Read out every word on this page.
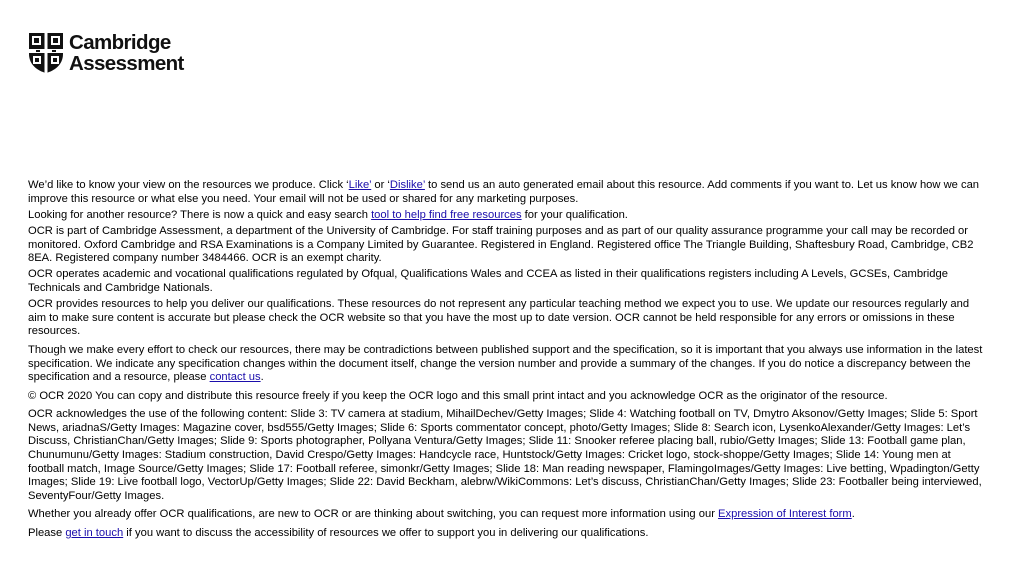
Cambridge
Assessment

We’d like to know your view on the resources we produce. Click ‘Like’ or ‘Dislike’ to send us an auto generated email about this resource. Add comments if you want to. Let us know how we can improve this resource or what else you need. Your email will not be used or shared for any marketing purposes.

Looking for another resource? There is now a quick and easy search tool to help find free resources for your qualification.

OCR is part of Cambridge Assessment, a department of the University of Cambridge. For staff training purposes and as part of our quality assurance programme your call may be recorded or monitored. Oxford Cambridge and RSA Examinations is a Company Limited by Guarantee. Registered in England. Registered office The Triangle Building, Shaftesbury Road, Cambridge, CB2 8EA. Registered company number 3484466. OCR is an exempt charity.

OCR operates academic and vocational qualifications regulated by Ofqual, Qualifications Wales and CCEA as listed in their qualifications registers including A Levels, GCSEs, Cambridge Technicals and Cambridge Nationals.

OCR provides resources to help you deliver our qualifications. These resources do not represent any particular teaching method we expect you to use. We update our resources regularly and aim to make sure content is accurate but please check the OCR website so that you have the most up to date version. OCR cannot be held responsible for any errors or omissions in these resources.

Though we make every effort to check our resources, there may be contradictions between published support and the specification, so it is important that you always use information in the latest specification. We indicate any specification changes within the document itself, change the version number and provide a summary of the changes. If you do notice a discrepancy between the specification and a resource, please contact us.

© OCR 2020 You can copy and distribute this resource freely if you keep the OCR logo and this small print intact and you acknowledge OCR as the originator of the resource.

OCR acknowledges the use of the following content: Slide 3: TV camera at stadium, MihailDechev/Getty Images; Slide 4: Watching football on TV, Dmytro Aksonov/Getty Images; Slide 5: Sport News, ariadnaS/Getty Images: Magazine cover, bsd555/Getty Images; Slide 6: Sports commentator concept, photo/Getty Images; Slide 8: Search icon, LysenkoAlexander/Getty Images: Let’s Discuss, ChristianChan/Getty Images; Slide 9: Sports photographer, Pollyana Ventura/Getty Images; Slide 11: Snooker referee placing ball, rubio/Getty Images; Slide 13: Football game plan, Chunumunu/Getty Images: Stadium construction, David Crespo/Getty Images: Handcycle race, Huntstock/Getty Images: Cricket logo, stock-shoppe/Getty Images; Slide 14: Young men at football match, Image Source/Getty Images; Slide 17: Football referee, simonkr/Getty Images; Slide 18: Man reading newspaper, FlamingoImages/Getty Images: Live betting, Wpadington/Getty Images; Slide 19: Live football logo, VectorUp/Getty Images; Slide 22: David Beckham, alebrw/WikiCommons: Let’s discuss, ChristianChan/Getty Images; Slide 23: Footballer being interviewed, SeventyFour/Getty Images.

Whether you already offer OCR qualifications, are new to OCR or are thinking about switching, you can request more information using our Expression of Interest form.

Please get in touch if you want to discuss the accessibility of resources we offer to support you in delivering our qualifications.
